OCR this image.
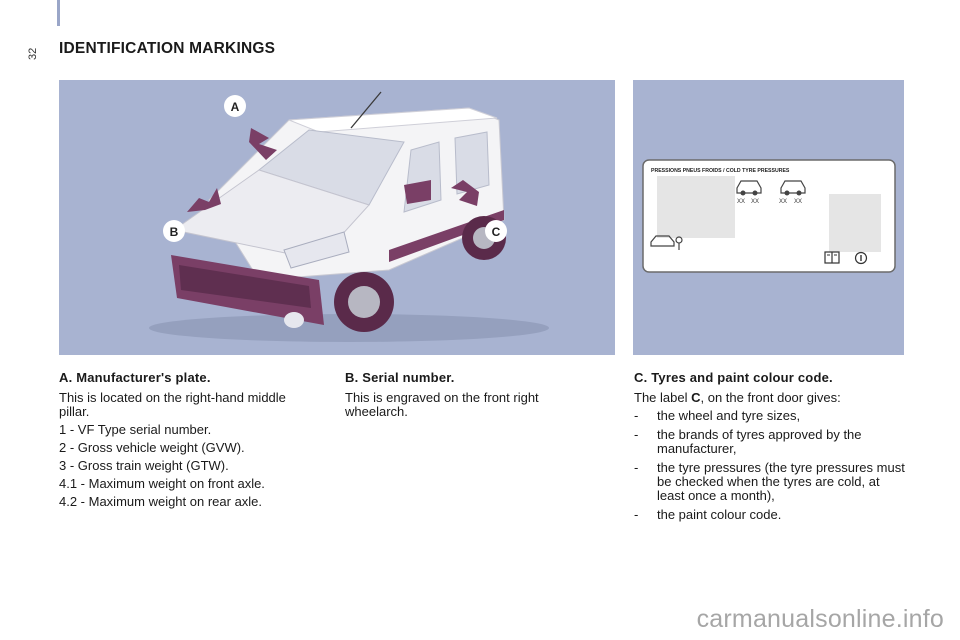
32 IDENTIFICATION MARKINGS
A
B	C
PRESSIONS PNEUS FROIDS / COLD TYRE PRESSURES
XX XX	XX XX
A. Manufacturer's plate.

This is located on the right-hand middle pillar.

1 - VF Type serial number.

2 - Gross vehicle weight (GVW).

3 - Gross train weight (GTW).

4.1 - Maximum weight on front axle.

4.2 - Maximum weight on rear axle.

B. Serial number.

This is engraved on the front right wheelarch.

C. Tyres and paint colour code.

The label C, on the front door gives:

- the wheel and tyre sizes,
- the brands of tyres approved by the manufacturer,
- the tyre pressures (the tyre pressures must be checked when the tyres are cold, at least once a month),
- the paint colour code.
carmanualsonline.info
